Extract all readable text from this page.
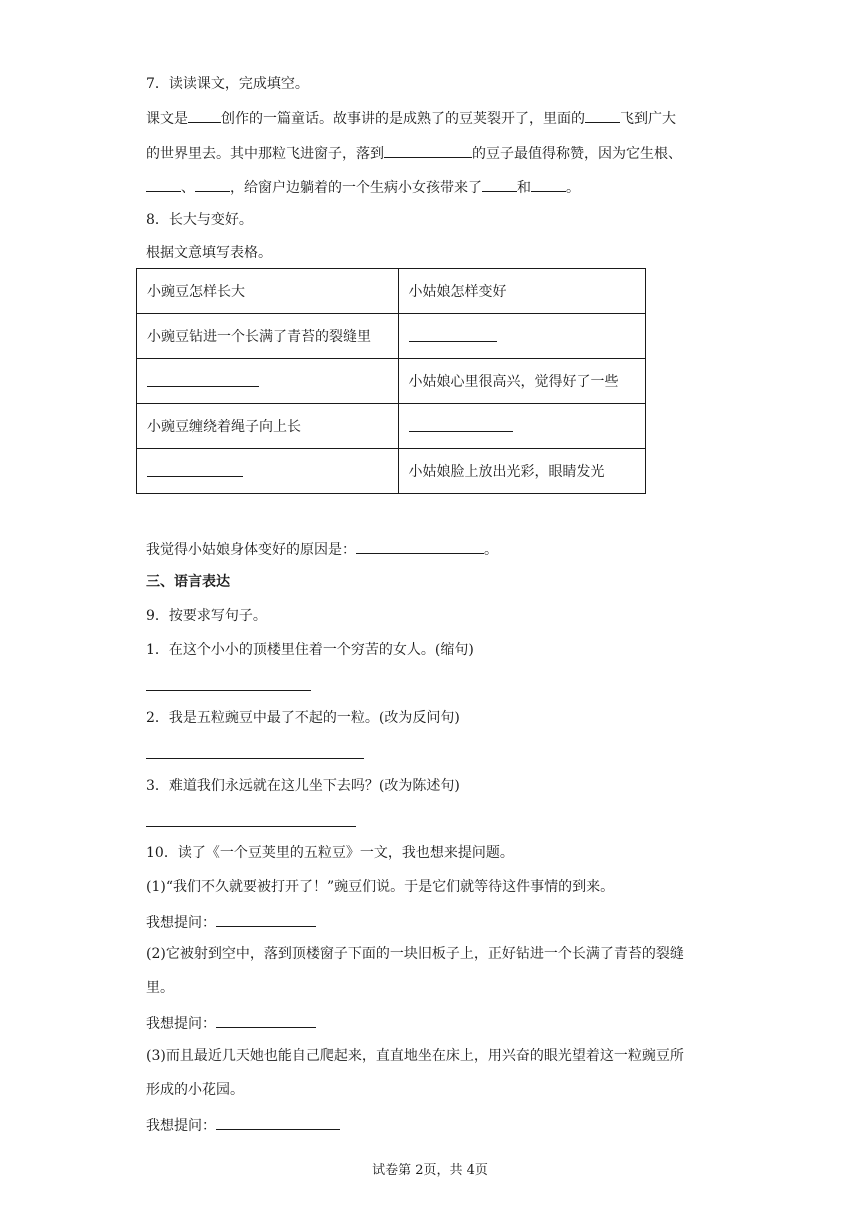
7．读读课文，完成填空。
课文是 创作的一篇童话。故事讲的是成熟了的豆荚裂开了，里面的	飞到广大
的世界里去。其中那粒飞进窗子，落到	的豆子最值得称赞，因为它生根、
、	，给窗户边躺着的一个生病小女孩带来了	和	。
8．长大与变好。
根据文意填写表格。
小豌豆怎样长大	小姑娘怎样变好
小豌豆钻进一个长满了青苔的裂缝里	
	小姑娘心里很高兴，觉得好了一些
小豌豆缠绕着绳子向上长	
	小姑娘脸上放出光彩，眼睛发光
我觉得小姑娘身体变好的原因是：	。
三、语言表达
9．按要求写句子。
1．在这个小小的顶楼里住着一个穷苦的女人。(缩句)
2．我是五粒豌豆中最了不起的一粒。(改为反问句)
3．难道我们永远就在这儿坐下去吗？(改为陈述句)
10．读了《一个豆荚里的五粒豆》一文，我也想来提问题。
(1)“我们不久就要被打开了！”豌豆们说。于是它们就等待这件事情的到来。
我想提问：
(2)它被射到空中，落到顶楼窗子下面的一块旧板子上，正好钻进一个长满了青苔的裂缝
里。
我想提问：
(3)而且最近几天她也能自己爬起来，直直地坐在床上，用兴奋的眼光望着这一粒豌豆所
形成的小花园。
我想提问：
试卷第 2页，共 4页
